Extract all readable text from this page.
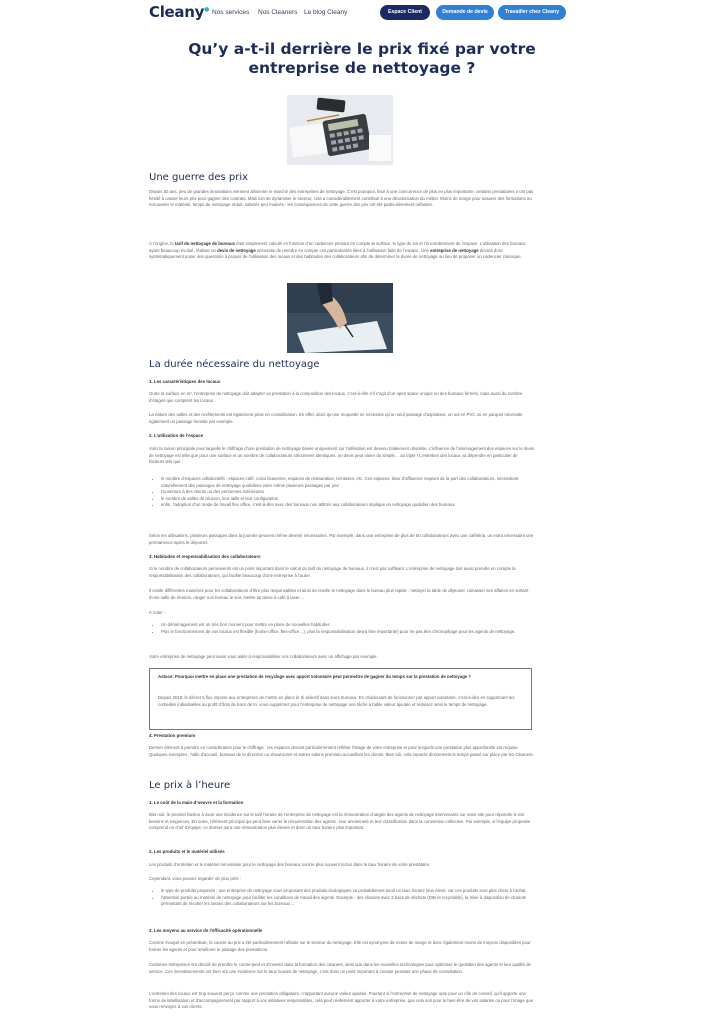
Cleany● Nos services Nos Cleaners Le blog Cleany	Espace Client	Demande de devis	Travailler chez Cleany
Qu’y a-t-il derrière le prix fixé par votre entreprise de nettoyage ?
Une guerre des prix

Depuis 50 ans, peu de grandes innovations viennent alimenter le marché des entreprises de nettoyage. C’est pourquoi, face à une concurrence de plus en plus importante, certains prestataires n’ont pas hésité à casser leurs prix pour gagner des contrats. Mais loin de dynamiser le secteur, cela a considérablement contribué à une dévalorisation du métier. Moins de marge pour assurer des formations ou renouveler le matériel, temps de nettoyage réduit, salariés peu motivés : les conséquences de cette guerre des prix ont été particulièrement néfastes.

À l’origine, le tarif du nettoyage de bureaux était simplement calculé en fonction d’un cadencier prenant en compte la surface, le type de sol et l’encombrement de l’espace. L’utilisation des bureaux ayant beaucoup évolué, réaliser un devis de nettoyage nécessite de prendre en compte ces particularités liées à l’utilisation faite de l’espace. Une entreprise de nettoyage devrait donc systématiquement poser des questions à propos de l’utilisation des locaux et des habitudes des collaborateurs afin de déterminer la durée de nettoyage au lieu de proposer un cadencier classique.

La durée nécessaire du nettoyage

1. Les caractéristiques des locaux

Outre la surface en m², l’entreprise de nettoyage doit adapter sa prestation à la composition des locaux, c’est-à-dire s’il s’agit d’un open space unique ou des bureaux fermés, mais aussi du nombre d’étages que comptent les locaux.

La nature des salles et des revêtements est également prise en considération. En effet, alors qu’une moquette ne nécessite qu’un seul passage d’aspirateur, un sol en PVC ou en parquet nécessite également un passage humide par exemple.

2. L’utilisation de l’espace

Voici la raison principale pour laquelle le chiffrage d’une prestation de nettoyage basée uniquement sur l’utilisation est devenu totalement obsolète. L’influence de l’aménagement des espaces sur le devis de nettoyage est telle que pour une surface et un nombre de collaborateurs strictement identiques, un devis peut varier du simple… au triple ! L’entretien des locaux va dépendre en particulier de facteurs tels que :

• le nombre d’espaces collaboratifs : espaces café, coins tisaneries, espaces de restauration, terrasses, etc. Ces espaces, lieux d’affluence majeurs de la part des collaborateurs, nécessitent naturellement des passages de nettoyage quotidiens voire même plusieurs passages par jour
• l’ouverture à des clients ou des personnes extérieures
• le nombre de salles de réunion, leur taille et leur configuration
• enfin, l’adoption d’un mode de travail flex office, c’est-à-dire avec des bureaux non attitrés aux collaborateurs implique un nettoyage quotidien des bureaux.

Selon les utilisations, plusieurs passages dans la journée peuvent même devenir nécessaires. Par exemple, dans une entreprise de plus de 50 collaborateurs avec une cafétéria, un extra nécessaire une permanence après le déjeuner.

3. Habitudes et responsabilisation des collaborateurs

Si le nombre de collaborateurs permanents est un point important dans le calcul du tarif du nettoyage de bureaux, il n’est pas suffisant. L’entreprise de nettoyage doit aussi prendre en compte la responsabilisation des collaborateurs, qui facilite beaucoup d’une entreprise à l’autre.

Il existe différentes manières pour les collaborateurs d’être plus responsables et ainsi de rendre le nettoyage dans le bureau plus rapide : nettoyer la table de déjeuner, ramasser ses affaires en sortant d’une salle de réunion, ranger son bureau le soir, mettre sa tasse à café à laver…

À noter :

• Un déménagement est un très bon moment pour mettre en place de nouvelles habitudes
• Plus le fonctionnement de vos locaux est flexible (home-office, flex-office…), plus la responsabilisation devra être importante) pour ne pas être chronophage pour les agents de nettoyage.

Votre entreprise de nettoyage peut aussi vous aider à responsabiliser vos collaborateurs avec un affichage par exemple.

Astuce: Pourquoi mettre en place une prestation de recyclage avec apport volontaire peut permettre de gagner du temps sur la prestation de nettoyage ?

Depuis 2018, le décret 5 flux impose aux entreprises de mettre en place le tri sélectif dans leurs bureaux. En choisissant de fonctionner par apport volontaire, c’est-à-dire en supprimant les corbeilles individuelles au profit d’îlots de bacs de tri, vous supprimez pour l’entreprise de nettoyage une tâche à faible valeur ajoutée et réduisez ainsi le temps de nettoyage.

4. Prestation premium

Dernier élément à prendre en considération pour le chiffrage : les espaces devant particulièrement refléter l’image de votre entreprise et pour lesquels une prestation plus approfondie est requise. Quelques exemples : halls d’accueil, bureaux de la direction ou showrooms et autres salons premium accueillant les clients. Bien sûr, cela impacte directement le temps passé sur place par les Cleaners.

Le prix à l’heure

1. Le coût de la main-d’oeuvre et la formation

Bien sûr, le premier facteur à avoir une incidence sur le tarif horaire de l’entreprise de nettoyage est la rémunération chargée des agents de nettoyage intervenants sur votre site pour répondre à vos besoins et exigences. En outre, l’élément principal qui peut faire varier la rémunération des agents : leur ancienneté et leur classification dans la convention collective. Par exemple, si l’équipe proposée comprend un chef d’équipe, ce dernier aura une rémunération plus élevée et donc un taux horaire plus important.

2. Les produits et le matériel utilisés

Les produits d’entretien et le matériel nécessaire pour le nettoyage des bureaux sont le plus souvent inclus dans le taux horaire de votre prestataire.

Cependant, vous pouvez regarder de plus près :

• le type de produits proposés : une entreprise de nettoyage vous proposant des produits écologiques va probablement avoir un taux horaire plus élevé, car ces produits sont plus chers à l’achat.
• l’attention portée au matériel de nettoyage pour faciliter les conditions de travail des agents. Exemple : des chariots avec 2 bacs de déchets (DIB et recyclable), la mise à disposition de chariots permettant de récolter les tasses des collaborateurs sur les bureaux…

3. Les moyens au service de l’efficacité opérationnelle

Comme évoqué en préambule, la course au prix a été particulièrement néfaste sur le secteur du nettoyage. Elle est synonyme de moins de marge et donc également moins de moyens disponibles pour former les agents et pour améliorer le pilotage des prestations.

Certaines entreprises ont décidé de prendre le contre-pied et d’investir dans la formation des cleaners, ainsi que dans les nouvelles technologies pour optimiser le quotidien des agents et leur qualité de service. Ces investissements ont bien sûr une incidence sur le taux horaire de nettoyage, c’est donc un point important à creuser pendant une phase de consultation.

L’entretien des locaux est trop souvent perçu comme une prestation obligatoire, n’apportant aucune valeur ajoutée. Pourtant si l’entreprise de nettoyage opte pour un rôle de conseil, qu’il apporte une forme de labellisation et d’accompagnement par rapport à vos initiatives responsables, cela peut réellement apporter à votre entreprise, que cela soit pour le bien-être de vos salariés ou pour l’image que vous renvoyez à vos clients.
